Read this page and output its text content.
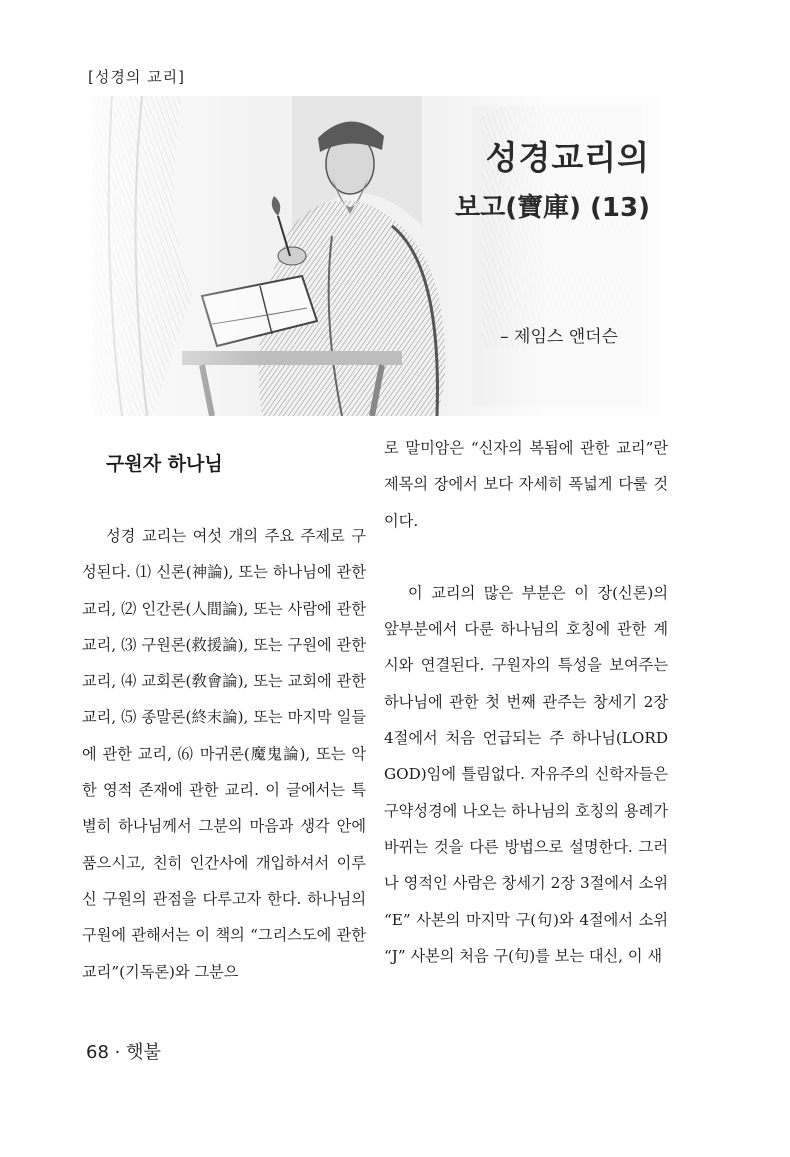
[성경의 교리]
성경교리의
보고(寶庫) (13)
– 제임스 앤더슨
구원자 하나님
성경 교리는 여섯 개의 주요 주제로 구성된다. ⑴ 신론(神論), 또는 하나님에 관한 교리, ⑵ 인간론(人間論), 또는 사람에 관한 교리, ⑶ 구원론(救援論), 또는 구원에 관한 교리, ⑷ 교회론(敎會論), 또는 교회에 관한 교리, ⑸ 종말론(終末論), 또는 마지막 일들에 관한 교리, ⑹ 마귀론(魔鬼論), 또는 악한 영적 존재에 관한 교리. 이 글에서는 특별히 하나님께서 그분의 마음과 생각 안에 품으시고, 친히 인간사에 개입하셔서 이루신 구원의 관점을 다루고자 한다. 하나님의 구원에 관해서는 이 책의 “그리스도에 관한 교리”(기독론)와 그분으
로 말미암은 “신자의 복됨에 관한 교리”란 제목의 장에서 보다 자세히 폭넓게 다룰 것이다.
이 교리의 많은 부분은 이 장(신론)의 앞부분에서 다룬 하나님의 호칭에 관한 계시와 연결된다. 구원자의 특성을 보여주는 하나님에 관한 첫 번째 관주는 창세기 2장 4절에서 처음 언급되는 주 하나님(LORD GOD)임에 틀림없다. 자유주의 신학자들은 구약성경에 나오는 하나님의 호칭의 용례가 바뀌는 것을 다른 방법으로 설명한다. 그러나 영적인 사람은 창세기 2장 3절에서 소위 “E” 사본의 마지막 구(句)와 4절에서 소위 “J” 사본의 처음 구(句)를 보는 대신, 이 새
68 · 햇불
